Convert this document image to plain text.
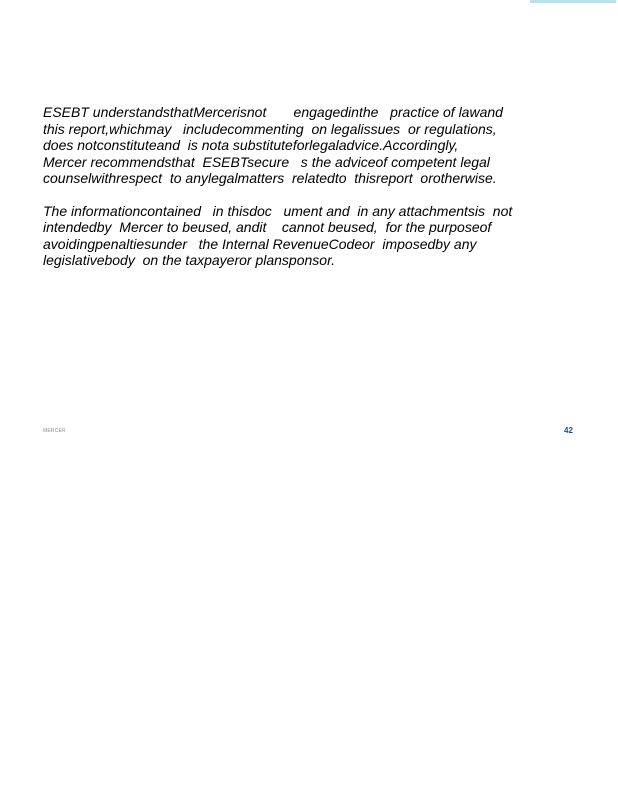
ESEBT understandsthatMercerisnot       engagedinthe   practice of lawand
this report,whichmay   includecommenting  on legalissues  or regulations,
does notconstituteand  is nota substituteforlegaladvice.Accordingly,
Mercer recommendsthat  ESEBTsecure   s the adviceof competent legal
counselwithrespect  to anylegalmatters  relatedto  thisreport  orotherwise.

The informationcontained   in thisdoc   ument and  in any attachmentsis  not
intendedby  Mercer to beused, andit    cannot beused,  for the purposeof
avoidingpenaltiesunder   the Internal RevenueCodeor  imposedby any
legislativebody  on the taxpayeror plansponsor.

MERCER	42
